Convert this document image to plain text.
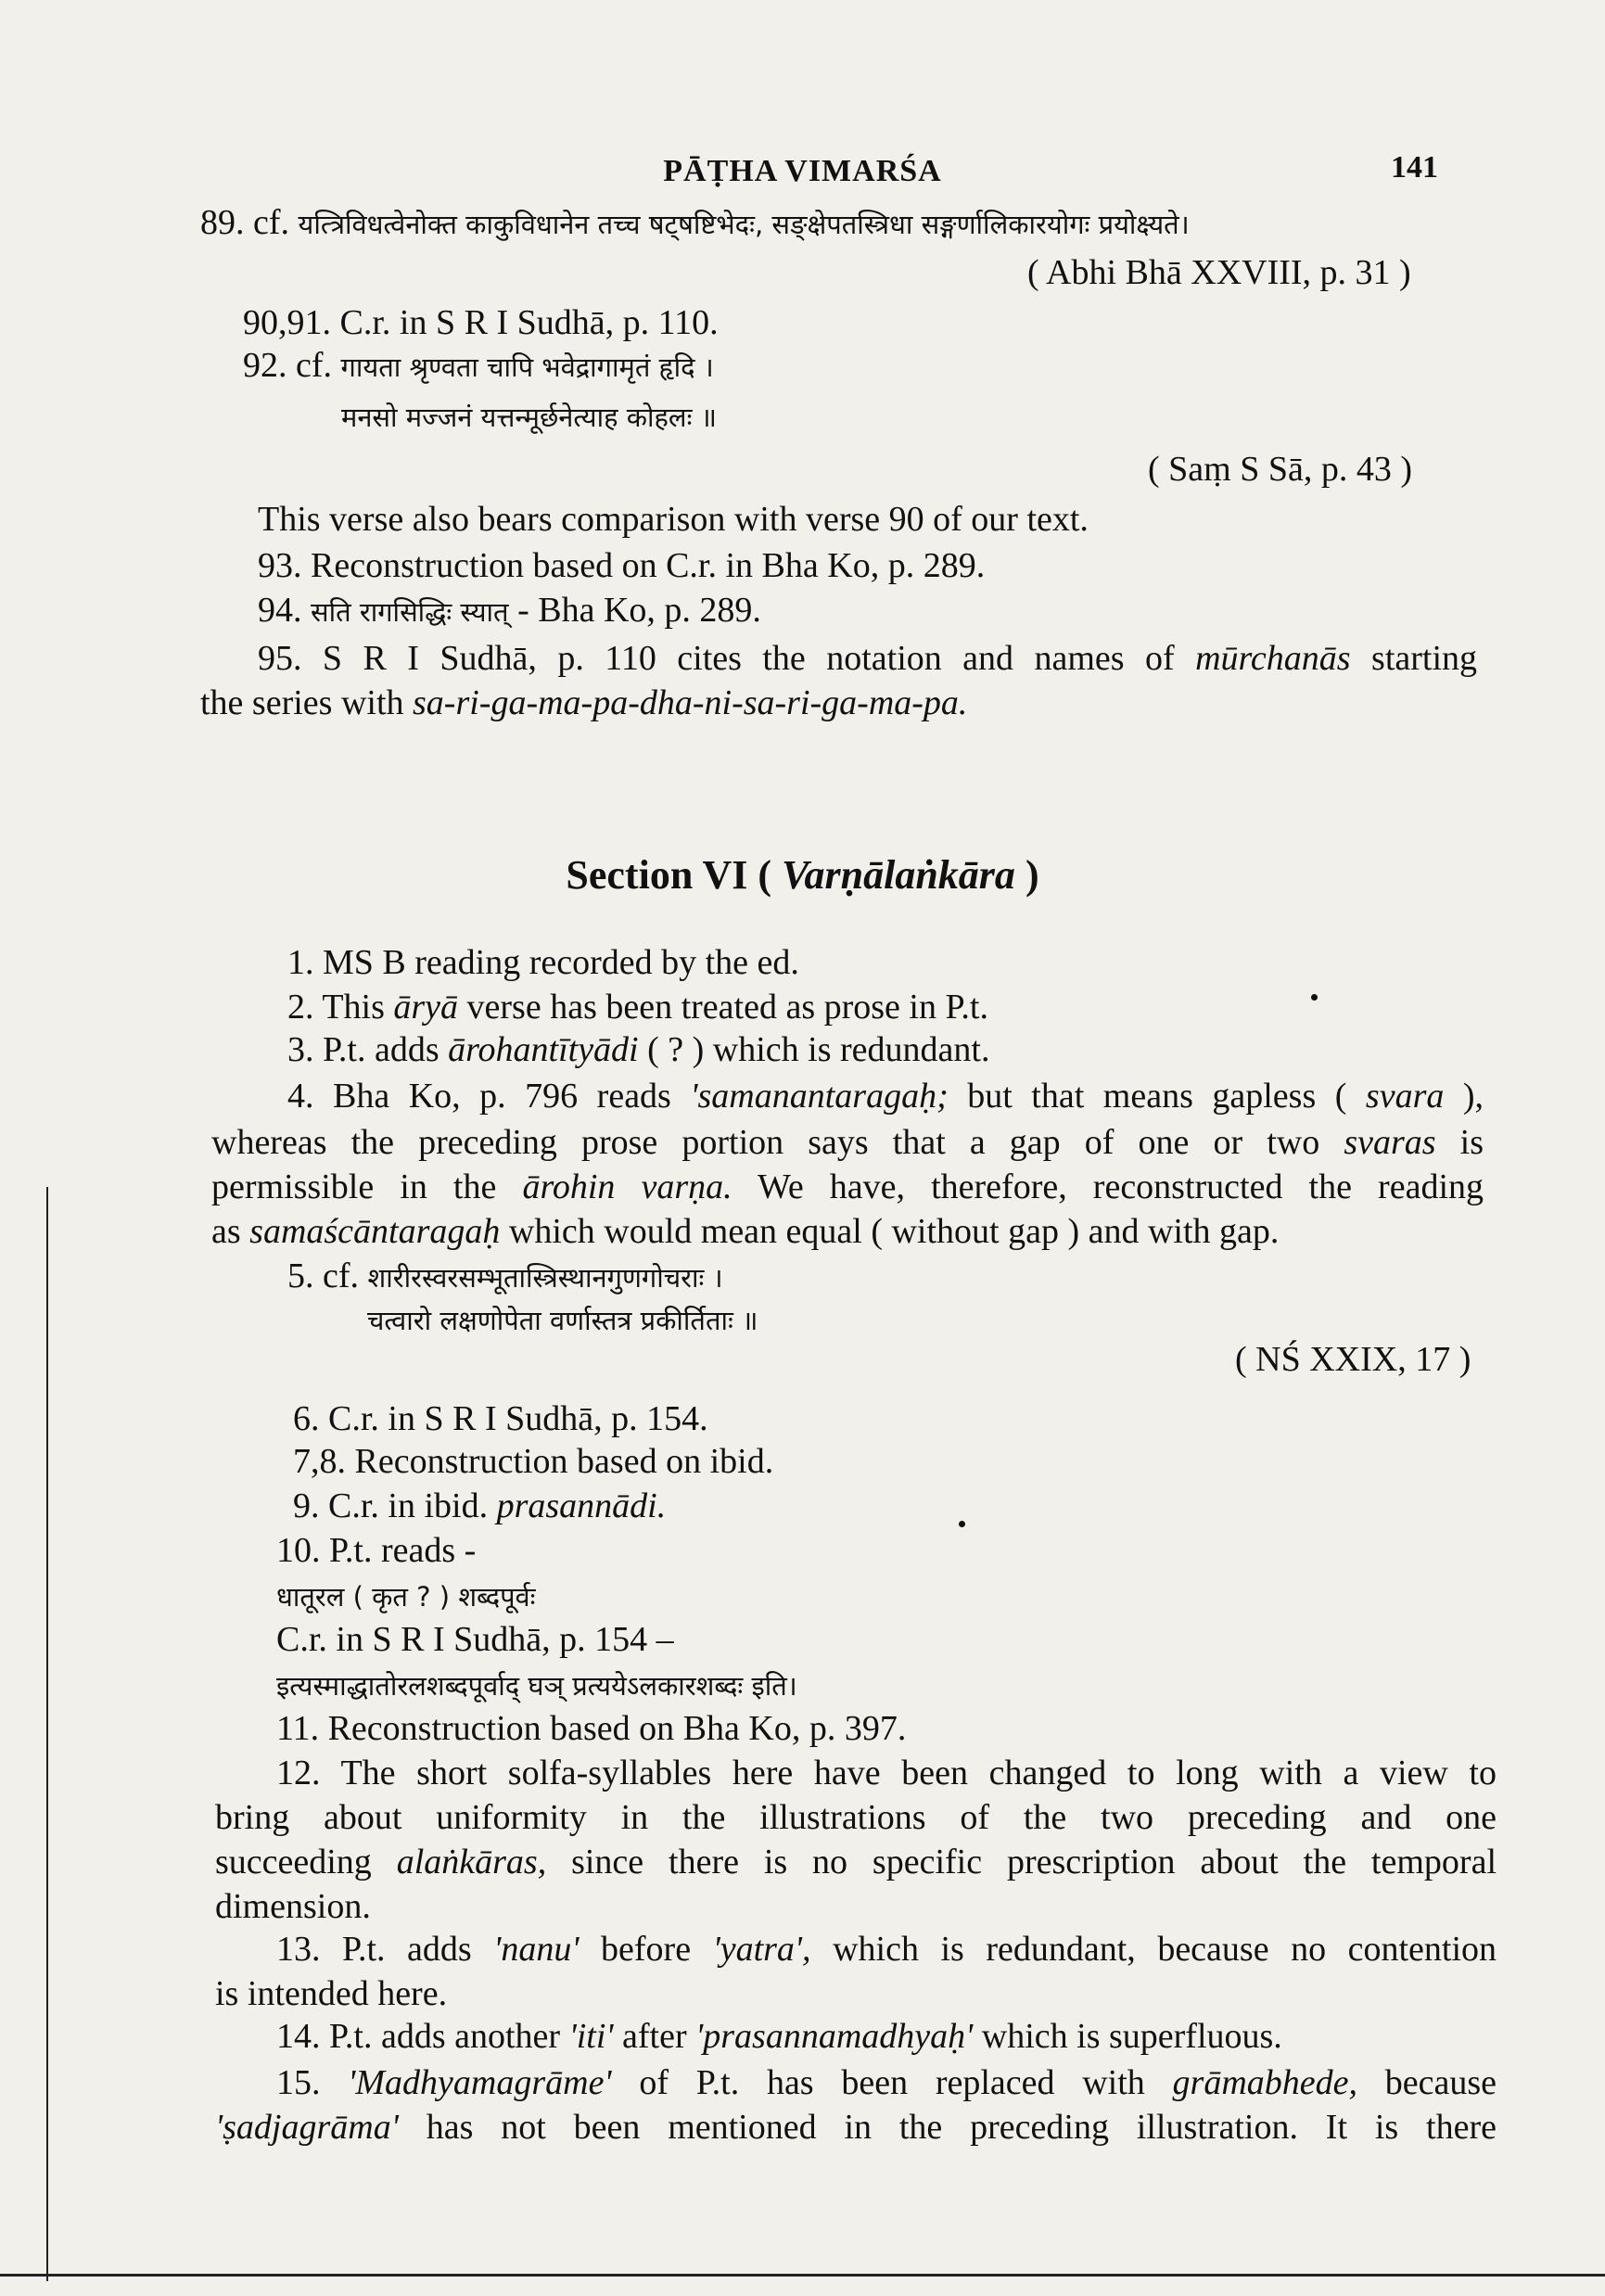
PĀṬHA VIMARŚA	141
89. cf. यत्त्रिविधत्वेनोक्त काकुविधानेन तच्च षट्षष्टिभेदः, सङ्क्षेपतस्त्रिधा सङ्गर्णालिकारयोगः प्रयोक्ष्यते।
( Abhi Bhā XXVIII, p. 31 )
90,91. C.r. in S R I Sudhā, p. 110.
92. cf. गायता श्रृण्वता चापि भवेद्रागामृतं हृदि ।
मनसो मज्जनं यत्तन्मूर्छनेत्याह कोहलः ॥
( Saṃ S Sā, p. 43 )
This verse also bears comparison with verse 90 of our text.
93. Reconstruction based on C.r. in Bha Ko, p. 289.
94. सति रागसिद्धिः स्यात् - Bha Ko, p. 289.
95. S R I Sudhā, p. 110 cites the notation and names of mūrchanās starting
the series with sa-ri-ga-ma-pa-dha-ni-sa-ri-ga-ma-pa.
Section VI ( Varṇālaṅkāra )
1. MS B reading recorded by the ed.
2. This āryā verse has been treated as prose in P.t.
3. P.t. adds ārohantītyādi ( ? ) which is redundant.
4. Bha Ko, p. 796 reads 'samanantaragaḥ; but that means gapless ( svara ),
whereas the preceding prose portion says that a gap of one or two svaras is
permissible in the ārohin varṇa. We have, therefore, reconstructed the reading
as samaścāntaragaḥ which would mean equal ( without gap ) and with gap.
5. cf. शारीरस्वरसम्भूतास्त्रिस्थानगुणगोचराः ।
चत्वारो लक्षणोपेता वर्णास्तत्र प्रकीर्तिताः ॥
( NŚ XXIX, 17 )
6. C.r. in S R I Sudhā, p. 154.
7,8. Reconstruction based on ibid.
9. C.r. in ibid. prasannādi.
10. P.t. reads -
धातूरल ( कृत ? ) शब्दपूर्वः
C.r. in S R I Sudhā, p. 154 –
इत्यस्माद्धातोरलशब्दपूर्वाद् घञ् प्रत्ययेऽलकारशब्दः इति।
11. Reconstruction based on Bha Ko, p. 397.
12. The short solfa-syllables here have been changed to long with a view to
bring about uniformity in the illustrations of the two preceding and one
succeeding alaṅkāras, since there is no specific prescription about the temporal
dimension.
13. P.t. adds 'nanu' before 'yatra', which is redundant, because no contention
is intended here.
14. P.t. adds another 'iti' after 'prasannamadhyaḥ' which is superfluous.
15. 'Madhyamagrāme' of P.t. has been replaced with grāmabhede, because
'ṣadjagrāma' has not been mentioned in the preceding illustration. It is there
